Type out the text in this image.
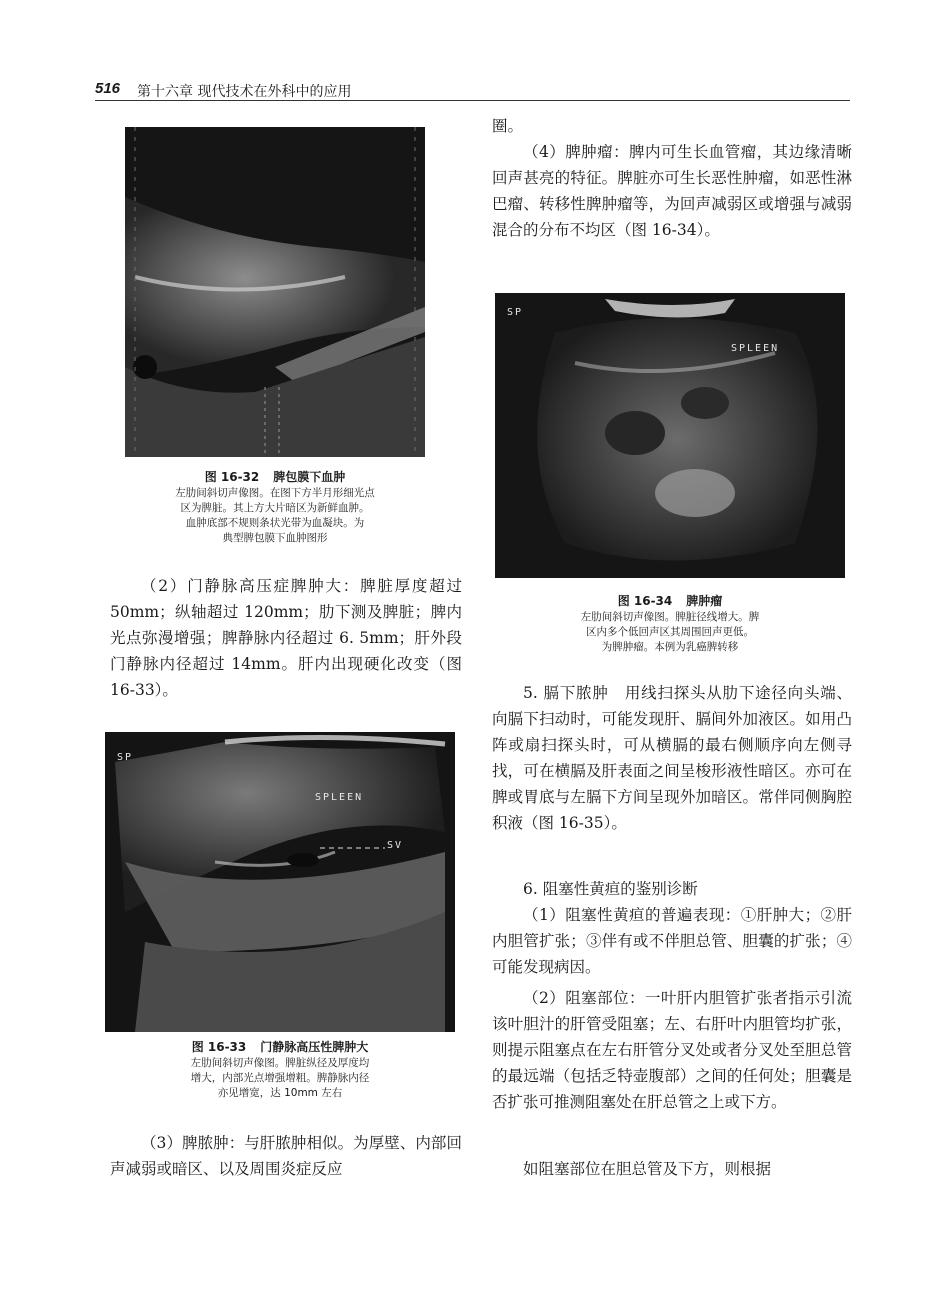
516 第十六章 现代技术在外科中的应用
图 16-32 脾包膜下血肿
左肋间斜切声像图。在图下方半月形细光点
区为脾脏。其上方大片暗区为新鲜血肿。
血肿底部不规则条状光带为血凝块。为
典型脾包膜下血肿图形
（2）门静脉高压症脾肿大：脾脏厚度超过 50mm；纵轴超过 120mm；肋下测及脾脏；脾内光点弥漫增强；脾静脉内径超过 6. 5mm；肝外段门静脉内径超过 14mm。肝内出现硬化改变（图 16-33）。
SP
SPLEEN
SV
图 16-33 门静脉高压性脾肿大
左肋间斜切声像图。脾脏纵径及厚度均
增大，内部光点增强增粗。脾静脉内径
亦见增宽，达 10mm 左右
（3）脾脓肿：与肝脓肿相似。为厚壁、内部回声减弱或暗区、以及周围炎症反应
圈。
（4）脾肿瘤：脾内可生长血管瘤，其边缘清晰回声甚亮的特征。脾脏亦可生长恶性肿瘤，如恶性淋巴瘤、转移性脾肿瘤等，为回声减弱区或增强与减弱混合的分布不均区（图 16-34）。
SP
SPLEEN
图 16-34 脾肿瘤
左肋间斜切声像图。脾脏径线增大。脾
区内多个低回声区其周围回声更低。
为脾肿瘤。本例为乳癌脾转移
5. 膈下脓肿　用线扫探头从肋下途径向头端、向膈下扫动时，可能发现肝、膈间外加液区。如用凸阵或扇扫探头时，可从横膈的最右侧顺序向左侧寻找，可在横膈及肝表面之间呈梭形液性暗区。亦可在脾或胃底与左膈下方间呈现外加暗区。常伴同侧胸腔积液（图 16-35）。
6. 阻塞性黄疸的鉴别诊断
（1）阻塞性黄疸的普遍表现：①肝肿大；②肝内胆管扩张；③伴有或不伴胆总管、胆囊的扩张；④可能发现病因。
（2）阻塞部位：一叶肝内胆管扩张者指示引流该叶胆汁的肝管受阻塞；左、右肝叶内胆管均扩张，则提示阻塞点在左右肝管分叉处或者分叉处至胆总管的最远端（包括乏特壶腹部）之间的任何处；胆囊是否扩张可推测阻塞处在肝总管之上或下方。
如阻塞部位在胆总管及下方，则根据
